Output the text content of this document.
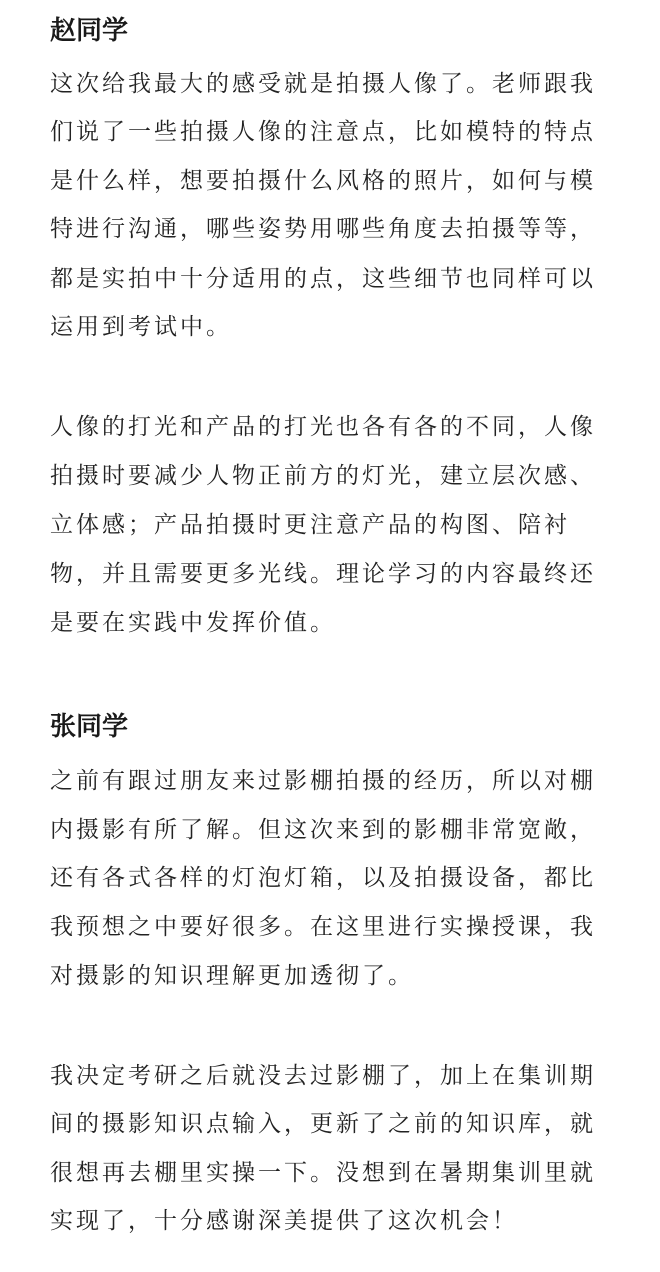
赵同学

这次给我最大的感受就是拍摄人像了。老师跟我

们说了一些拍摄人像的注意点，比如模特的特点

是什么样，想要拍摄什么风格的照片，如何与模

特进行沟通，哪些姿势用哪些角度去拍摄等等，

都是实拍中十分适用的点，这些细节也同样可以

运用到考试中。

人像的打光和产品的打光也各有各的不同，人像

拍摄时要减少人物正前方的灯光，建立层次感、

立体感；产品拍摄时更注意产品的构图、陪衬

物，并且需要更多光线。理论学习的内容最终还

是要在实践中发挥价值。

张同学

之前有跟过朋友来过影棚拍摄的经历，所以对棚

内摄影有所了解。但这次来到的影棚非常宽敞，

还有各式各样的灯泡灯箱，以及拍摄设备，都比

我预想之中要好很多。在这里进行实操授课，我

对摄影的知识理解更加透彻了。

我决定考研之后就没去过影棚了，加上在集训期

间的摄影知识点输入，更新了之前的知识库，就

很想再去棚里实操一下。没想到在暑期集训里就

实现了，十分感谢深美提供了这次机会！
